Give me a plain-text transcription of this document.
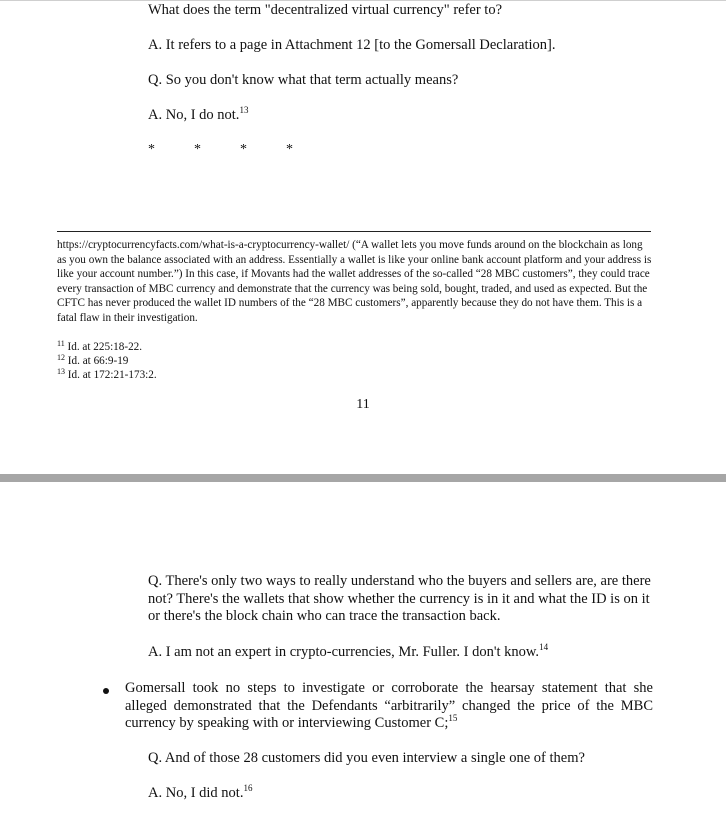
What does the term "decentralized virtual currency" refer to?
A. It refers to a page in Attachment 12 [to the Gomersall Declaration].
Q. So you don't know what that term actually means?
A. No, I do not.$^{13}$
*	*	*	*
https://cryptocurrencyfacts.com/what-is-a-cryptocurrency-wallet/ (“A wallet lets you move funds around on the blockchain as long as you own the balance associated with an address. Essentially a wallet is like your online bank account platform and your address is like your account number.”) In this case, if Movants had the wallet addresses of the so-called “28 MBC customers”, they could trace every transaction of MBC currency and demonstrate that the currency was being sold, bought, traded, and used as expected. But the CFTC has never produced the wallet ID numbers of the “28 MBC customers”, apparently because they do not have them. This is a fatal flaw in their investigation.
$^{11}$ Id. at 225:18-22.
$^{12}$ Id. at 66:9-19
$^{13}$ Id. at 172:21-173:2.
11
Q. There's only two ways to really understand who the buyers and sellers are, are there not? There's the wallets that show whether the currency is in it and what the ID is on it or there's the block chain who can trace the transaction back.
A. I am not an expert in crypto-currencies, Mr. Fuller. I don't know.$^{14}$
Gomersall took no steps to investigate or corroborate the hearsay statement that she alleged demonstrated that the Defendants “arbitrarily” changed the price of the MBC currency by speaking with or interviewing Customer C;$^{15}$
Q. And of those 28 customers did you even interview a single one of them?
A. No, I did not.$^{16}$
